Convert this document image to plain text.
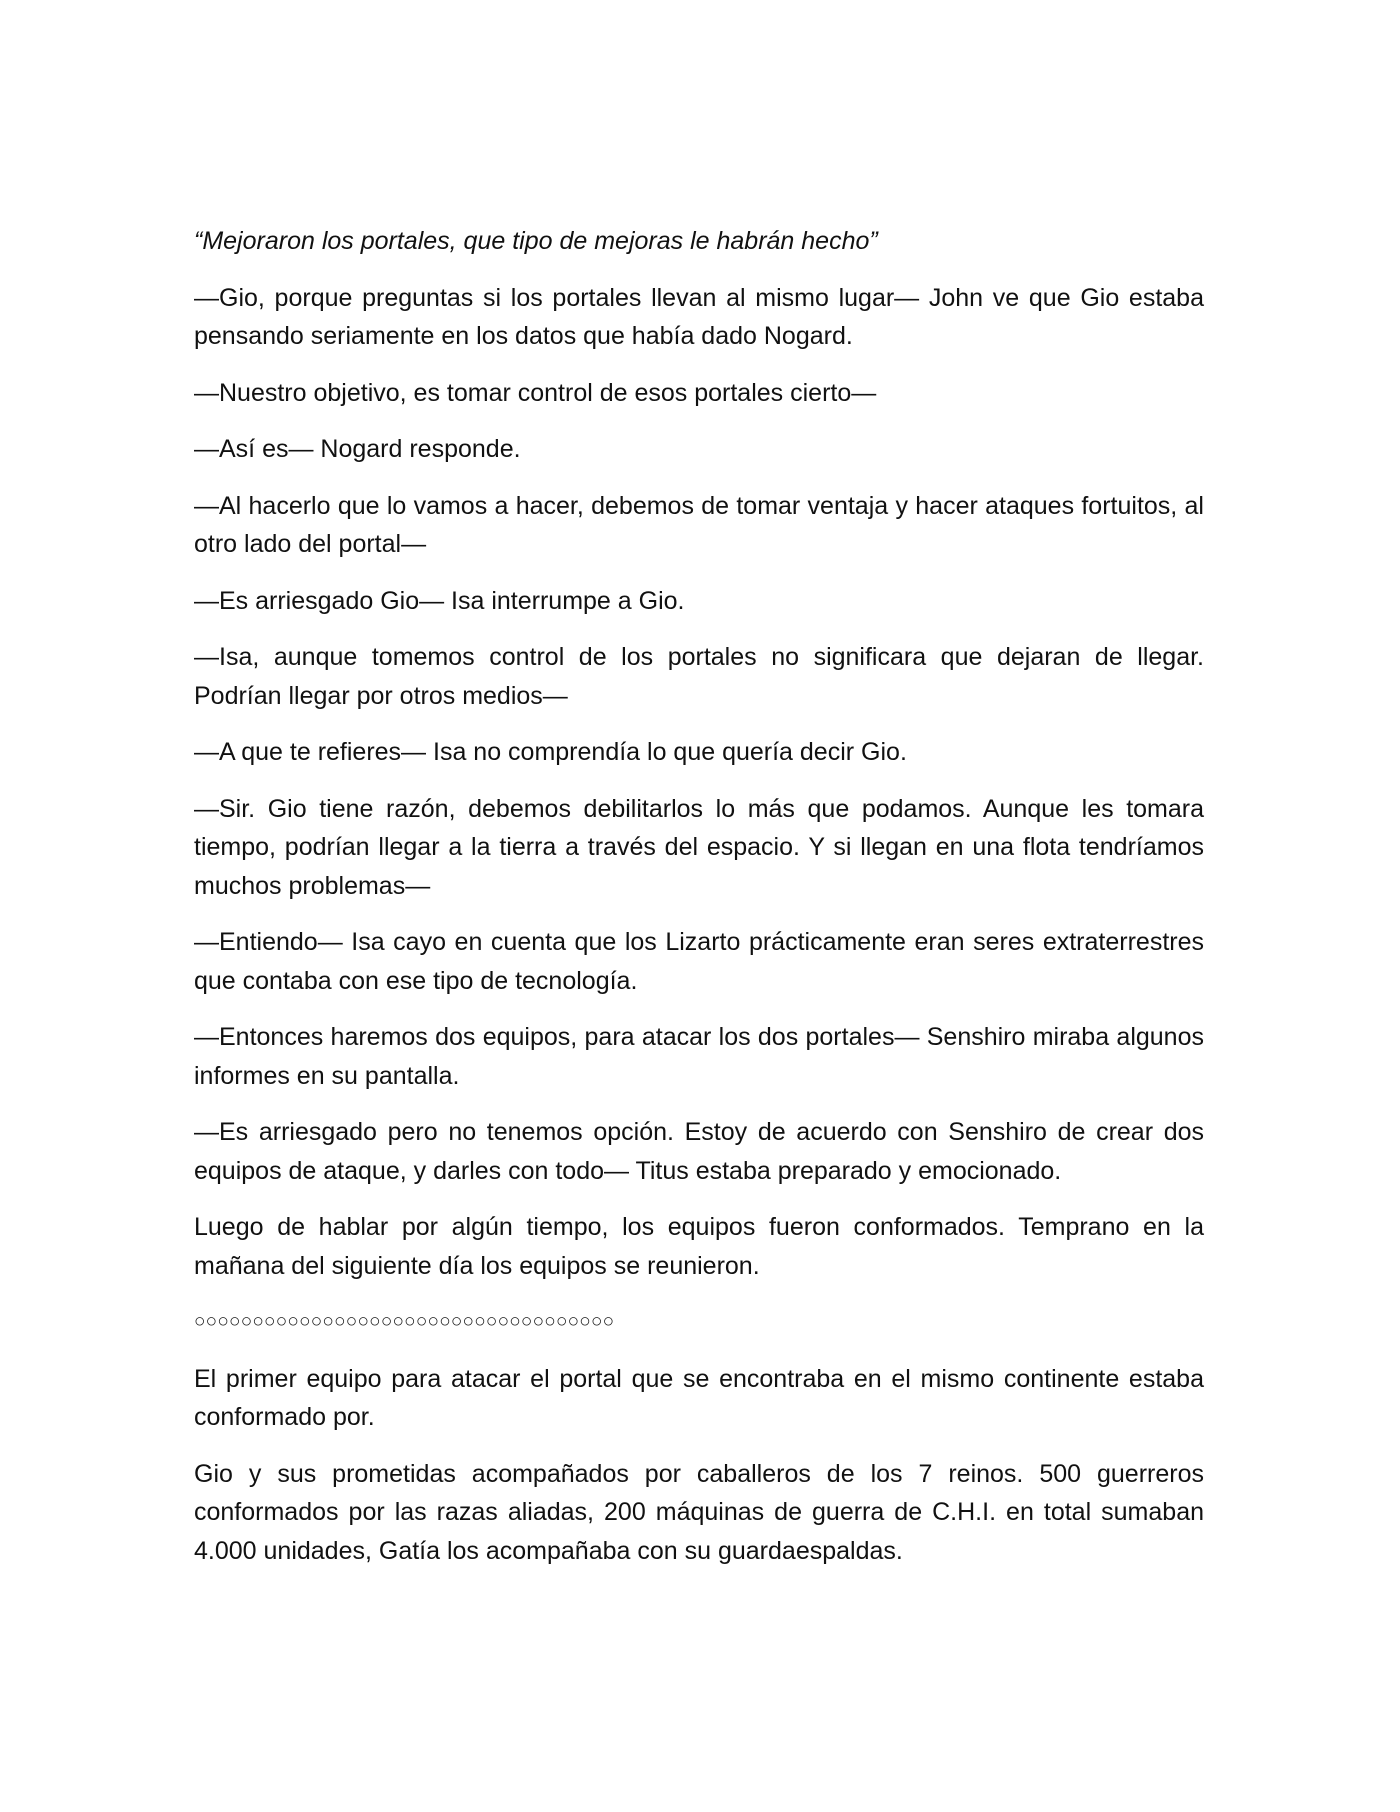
“Mejoraron los portales, que tipo de mejoras le habrán hecho”

—Gio, porque preguntas si los portales llevan al mismo lugar— John ve que Gio estaba pensando seriamente en los datos que había dado Nogard.

—Nuestro objetivo, es tomar control de esos portales cierto—

—Así es— Nogard responde.

—Al hacerlo que lo vamos a hacer, debemos de tomar ventaja y hacer ataques fortuitos, al otro lado del portal—

—Es arriesgado Gio— Isa interrumpe a Gio.

—Isa, aunque tomemos control de los portales no significara que dejaran de llegar. Podrían llegar por otros medios—

—A que te refieres— Isa no comprendía lo que quería decir Gio.

—Sir. Gio tiene razón, debemos debilitarlos lo más que podamos. Aunque les tomara tiempo, podrían llegar a la tierra a través del espacio. Y si llegan en una flota tendríamos muchos problemas—

—Entiendo— Isa cayo en cuenta que los Lizarto prácticamente eran seres extraterrestres que contaba con ese tipo de tecnología.

—Entonces haremos dos equipos, para atacar los dos portales— Senshiro miraba algunos informes en su pantalla.

—Es arriesgado pero no tenemos opción. Estoy de acuerdo con Senshiro de crear dos equipos de ataque, y darles con todo— Titus estaba preparado y emocionado.

Luego de hablar por algún tiempo, los equipos fueron conformados. Temprano en la mañana del siguiente día los equipos se reunieron.

○○○○○○○○○○○○○○○○○○○○○○○○○○○○○○○○○○○○

El primer equipo para atacar el portal que se encontraba en el mismo continente estaba conformado por.

Gio y sus prometidas acompañados por caballeros de los 7 reinos. 500 guerreros conformados por las razas aliadas, 200 máquinas de guerra de C.H.I. en total sumaban 4.000 unidades, Gatía los acompañaba con su guardaespaldas.
